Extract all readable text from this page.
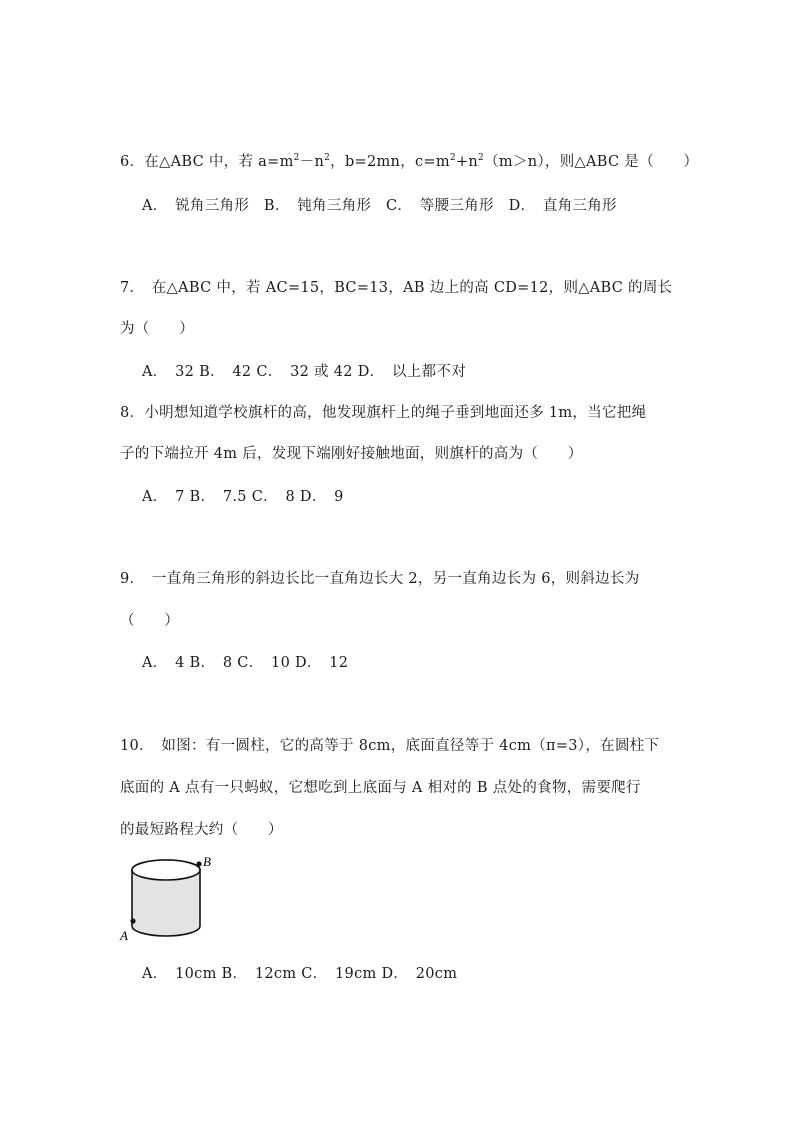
6．在△ABC 中，若 $a=m^2-n^2$，b=2mn，$c=m^2+n^2(m>n)$，则△ABC 是（　　）
A．　锐角三角形　B．　钝角三角形　C．　等腰三角形　D．　直角三角形
7．　在△ABC 中，若 AC=15，BC=13，AB 边上的高 CD=12，则△ABC 的周长
为（　　）
A．　32 B．　42 C．　32 或 42 D．　以上都不对
8．小明想知道学校旗杆的高，他发现旗杆上的绳子垂到地面还多 1m，当它把绳
子的下端拉开 4m 后，发现下端刚好接触地面，则旗杆的高为（　　）
A．　7 B．　7.5 C．　8 D．　9
9．　一直角三角形的斜边长比一直角边长大 2，另一直角边长为 6，则斜边长为
（　　）
A．　4 B．　8 C．　10 D．　12
10．　如图：有一圆柱，它的高等于 8cm，底面直径等于 4cm（π=3），在圆柱下
底面的 A 点有一只蚂蚁，它想吃到上底面与 A 相对的 B 点处的食物，需要爬行
的最短路程大约（　　）
B
A
A．　10cm B．　12cm C．　19cm D．　20cm
